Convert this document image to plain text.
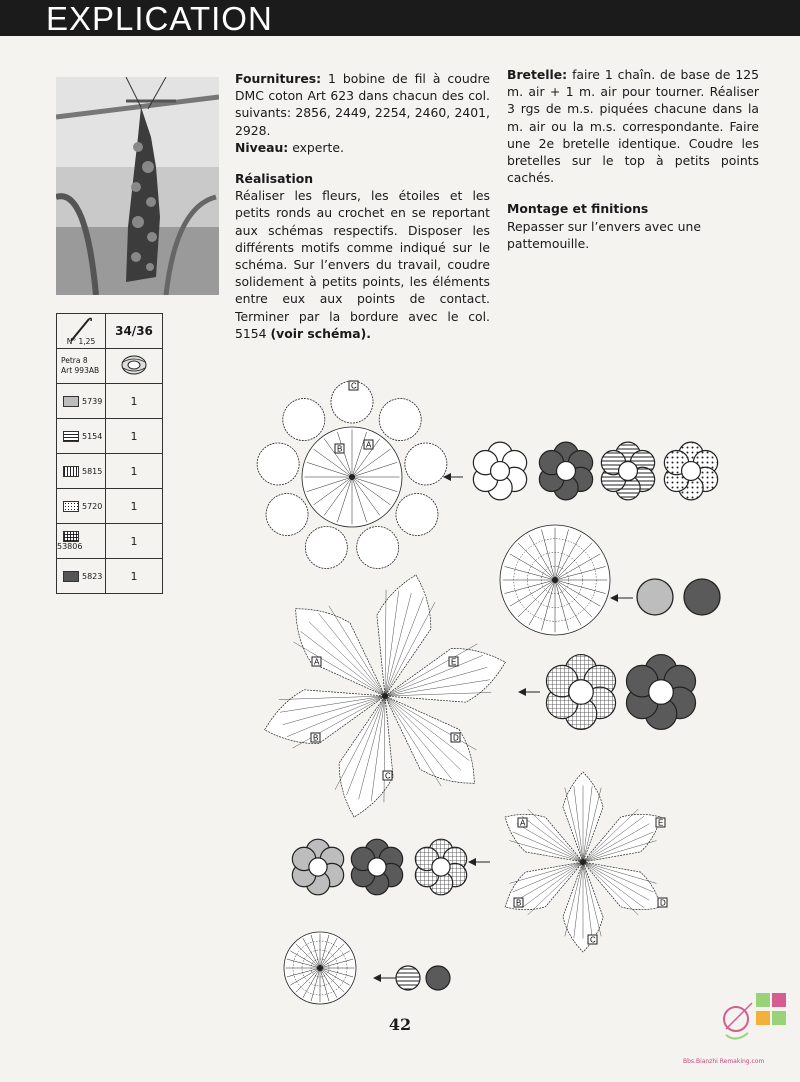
EXPLICATION

Fournitures: 1 bobine de fil à coudre DMC coton Art 623 dans chacun des col. suivants: 2856, 2449, 2254, 2460, 2401, 2928.

Niveau: experte.

Réalisation

Réaliser les fleurs, les étoiles et les petits ronds au crochet en se reportant aux schémas respectifs. Disposer les différents motifs comme indiqué sur le schéma. Sur l’envers du travail, coudre solidement à petits points, les éléments entre eux aux points de contact. Terminer par la bordure avec le col. 5154 (voir schéma).

Bretelle: faire 1 chaîn. de base de 125 m. air + 1 m. air pour tourner. Réaliser 3 rgs de m.s. piquées chacune dans la m. air ou la m.s. correspondante. Faire une 2e bretelle identique. Coudre les bretelles sur le top à petits points cachés.

Montage et finitions

Repasser sur l’envers avec une pattemouille.

N° 1,25	34/36

Petra 8
Art 993AB

5739	1
5154	1
5815	1
5720	1
53806	1
5823	1
C
B	A
A	E
B	D
C
A	E
B	D
C
42
Bbs.Bianzhi Remaking.com
